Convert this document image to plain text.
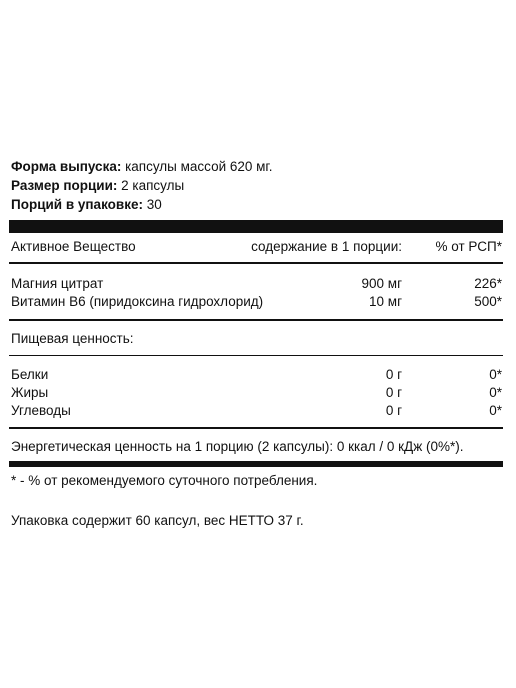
Форма выпуска: капсулы массой 620 мг.
Размер порции: 2 капсулы
Порций в упаковке: 30
Активное Вещество	содержание в 1 порции: % от РСП*
Магния цитрат	900 мг	226*
Витамин B6 (пиридоксина гидрохлорид)	10 мг	500*
Пищевая ценность:
Белки	0 г	0*
Жиры	0 г	0*
Углеводы	0 г	0*
Энергетическая ценность на 1 порцию (2 капсулы): 0 ккал / 0 кДж (0%*).
* - % от рекомендуемого суточного потребления.
Упаковка содержит 60 капсул, вес НЕТТО 37 г.
